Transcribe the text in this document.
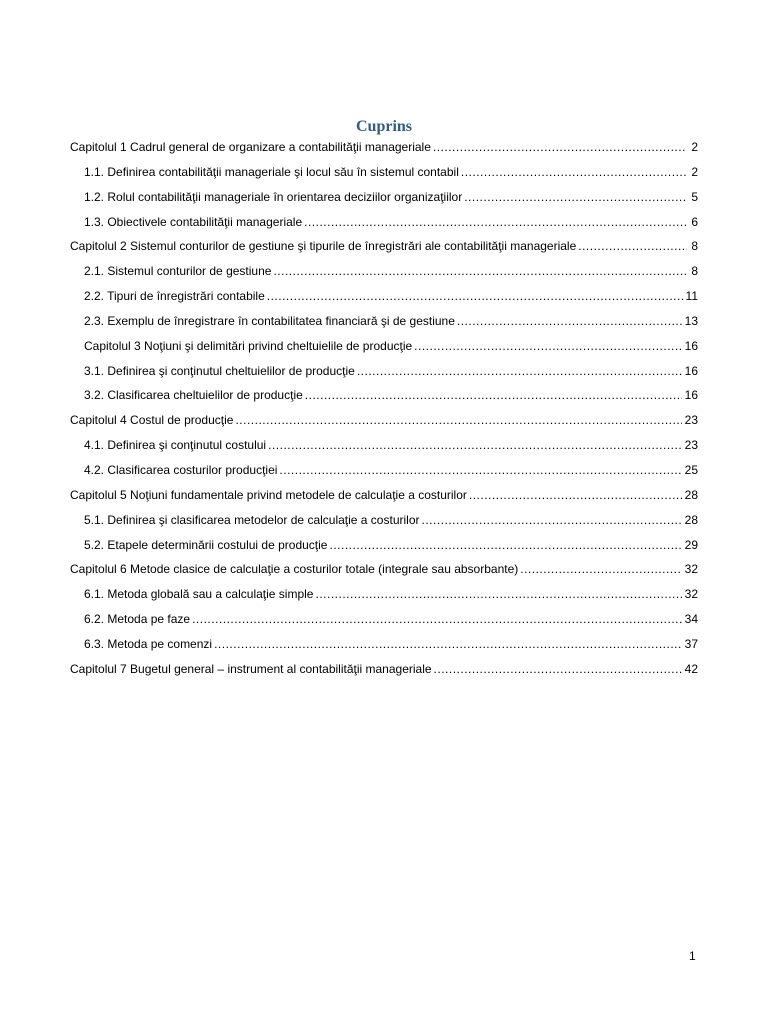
Cuprins
Capitolul 1 Cadrul general de organizare a contabilităţii manageriale .....	2
1.1. Definirea contabilităţii manageriale şi locul său în sistemul contabil .....	2
1.2. Rolul contabilităţii manageriale în orientarea deciziilor organizaţiilor .....	5
1.3. Obiectivele contabilităţii manageriale .....	6
Capitolul 2 Sistemul conturilor de gestiune şi tipurile de înregistrări ale contabilităţii manageriale .....	8
2.1. Sistemul conturilor de gestiune .....	8
2.2. Tipuri de înregistrări contabile .....	11
2.3. Exemplu de înregistrare în contabilitatea financiară şi de gestiune .....	13
Capitolul 3 Noţiuni şi delimitări privind cheltuielile de producţie .....	16
3.1. Definirea şi conţinutul cheltuielilor de producţie .....	16
3.2. Clasificarea cheltuielilor de producţie .....	16
Capitolul 4 Costul de producţie .....	23
4.1. Definirea şi conţinutul costului .....	23
4.2. Clasificarea costurilor producţiei .....	25
Capitolul 5 Noţiuni fundamentale privind metodele de calculaţie a costurilor .....	28
5.1. Definirea şi clasificarea metodelor de calculaţie a costurilor .....	28
5.2. Etapele determinării costului de producţie .....	29
Capitolul 6 Metode clasice de calculaţie a costurilor totale (integrale sau absorbante) .....	32
6.1. Metoda globală sau a calculaţie simple .....	32
6.2. Metoda pe faze .....	34
6.3. Metoda pe comenzi .....	37
Capitolul 7 Bugetul general – instrument al contabilităţii manageriale .....	42
1
